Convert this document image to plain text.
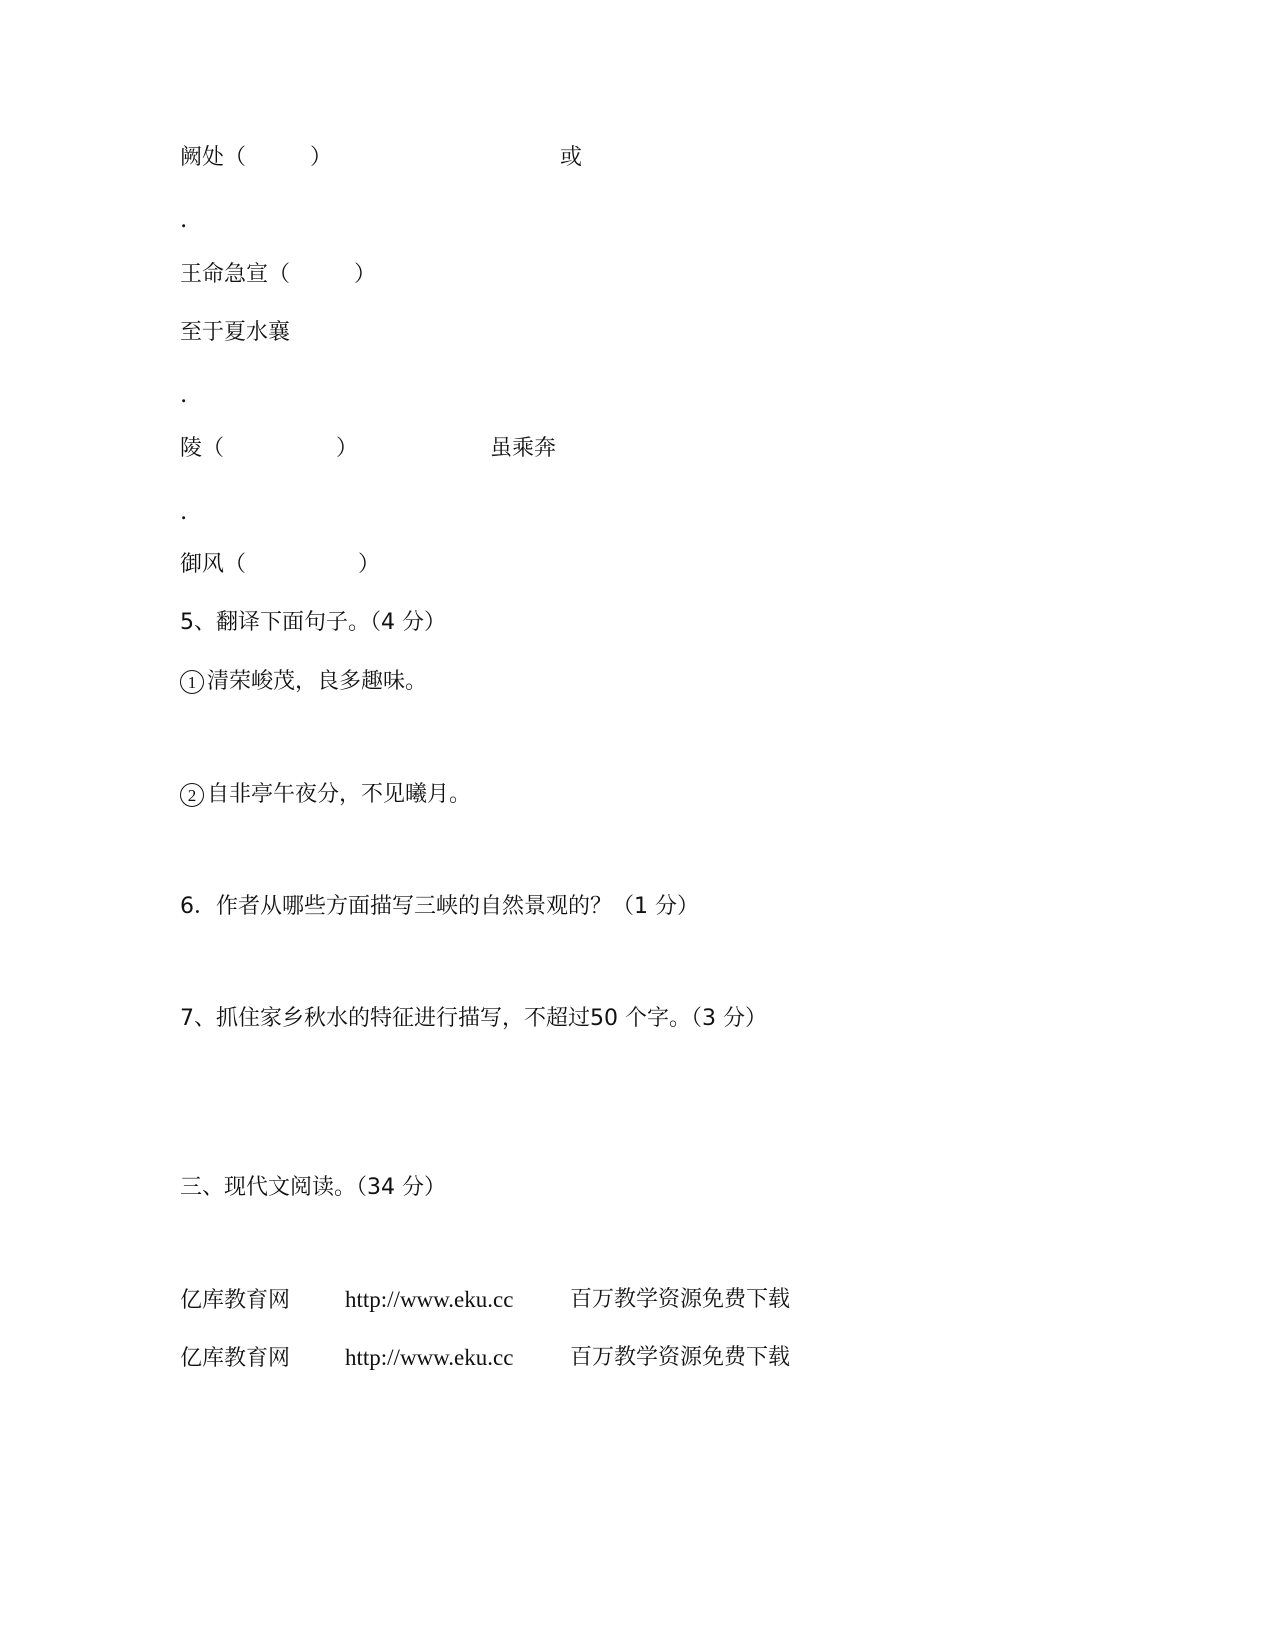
阙处（	）	或
.
王命急宣（	）
至于夏水襄
.
陵（	）	虽乘奔
.
御风（	）
5、翻译下面句子。（4 分）
1 清荣峻茂，良多趣味。
2 自非亭午夜分，不见曦月。
6．作者从哪些方面描写三峡的自然景观的？（1 分）
7、抓住家乡秋水的特征进行描写，不超过50 个字。（3 分）
三、现代文阅读。（34 分）
亿库教育网 http://www.eku.cc	百万教学资源免费下载
亿库教育网 http://www.eku.cc	百万教学资源免费下载
